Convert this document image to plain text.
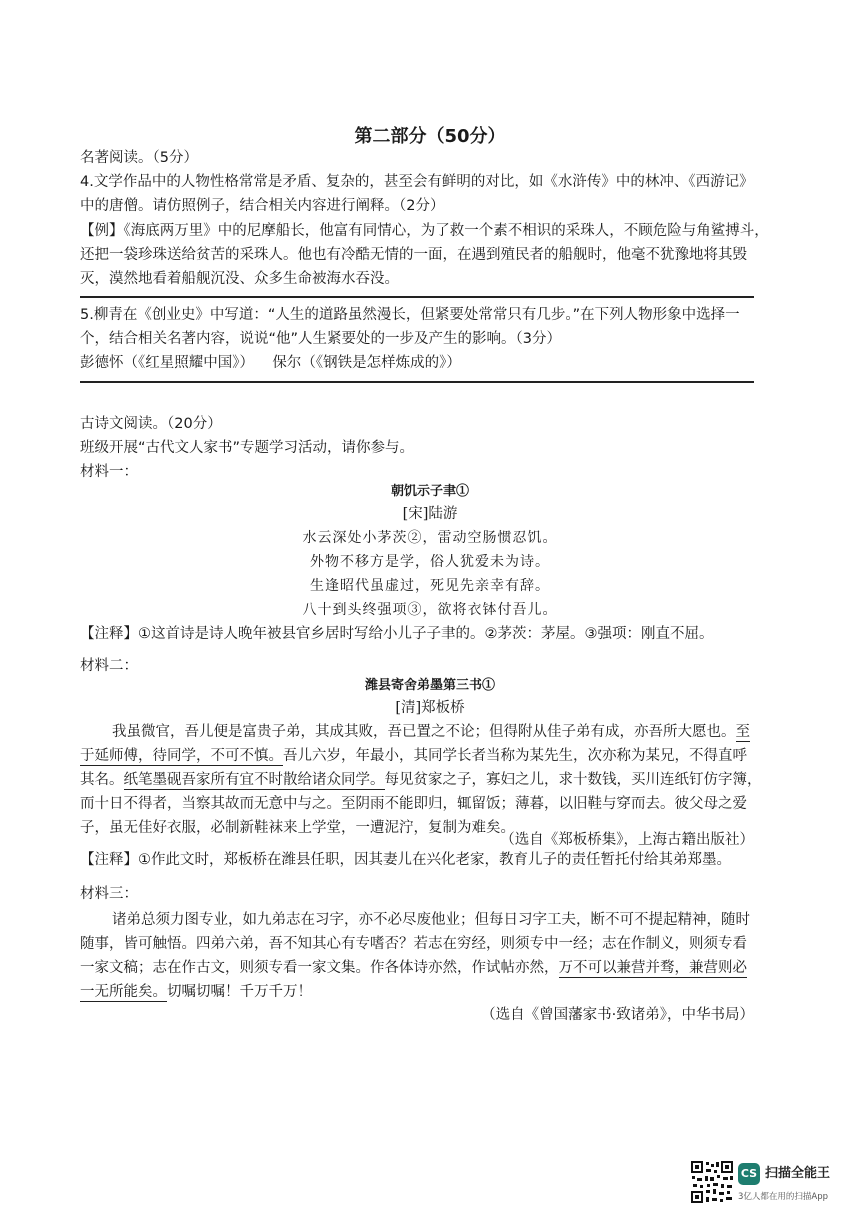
第二部分（50分）
名著阅读。（5分）
4.文学作品中的人物性格常常是矛盾、复杂的，甚至会有鲜明的对比，如《水浒传》中的林冲、《西游记》
中的唐僧。请仿照例子，结合相关内容进行阐释。（2分）
【例】《海底两万里》中的尼摩船长，他富有同情心，为了救一个素不相识的采珠人，不顾危险与角鲨搏斗，
还把一袋珍珠送给贫苦的采珠人。他也有冷酷无情的一面，在遇到殖民者的船舰时，他毫不犹豫地将其毁
灭，漠然地看着船舰沉没、众多生命被海水吞没。
5.柳青在《创业史》中写道：“人生的道路虽然漫长，但紧要处常常只有几步。”在下列人物形象中选择一
个，结合相关名著内容，说说“他”人生紧要处的一步及产生的影响。（3分）
彭德怀（《红星照耀中国》）    保尔（《钢铁是怎样炼成的》）
古诗文阅读。（20分）
班级开展“古代文人家书”专题学习活动，请你参与。
材料一：
朝饥示子聿①
[宋]陆游
水云深处小茅茨②，雷动空肠惯忍饥。
外物不移方是学，俗人犹爱未为诗。
生逢昭代虽虚过，死见先亲幸有辞。
八十到头终强项③，欲将衣钵付吾儿。
【注释】①这首诗是诗人晚年被县官乡居时写给小儿子子聿的。②茅茨：茅屋。③强项：刚直不屈。
材料二：
潍县寄舍弟墨第三书①
[清]郑板桥
我虽微官，吾儿便是富贵子弟，其成其败，吾已置之不论；但得附从佳子弟有成，亦吾所大愿也。至
于延师傅，待同学，不可不慎。吾儿六岁，年最小，其同学长者当称为某先生，次亦称为某兄，不得直呼
其名。纸笔墨砚吾家所有宜不时散给诸众同学。每见贫家之子，寡妇之儿，求十数钱，买川连纸钉仿字簿，
而十日不得者，当察其故而无意中与之。至阴雨不能即归，辄留饭；薄暮，以旧鞋与穿而去。彼父母之爱
子，虽无佳好衣服，必制新鞋袜来上学堂，一遭泥泞，复制为难矣。
（选自《郑板桥集》，上海古籍出版社）
【注释】①作此文时，郑板桥在潍县任职，因其妻儿在兴化老家，教育儿子的责任暂托付给其弟郑墨。
材料三：
诸弟总须力图专业，如九弟志在习字，亦不必尽废他业；但每日习字工夫，断不可不提起精神，随时
随事，皆可触悟。四弟六弟，吾不知其心有专嗜否？若志在穷经，则须专中一经；志在作制义，则须专看
一家文稿；志在作古文，则须专看一家文集。作各体诗亦然，作试帖亦然，万不可以兼营并骛，兼营则必
一无所能矣。切嘱切嘱！千万千万！
（选自《曾国藩家书·致诸弟》，中华书局）
CS 扫描全能王
3亿人都在用的扫描App
